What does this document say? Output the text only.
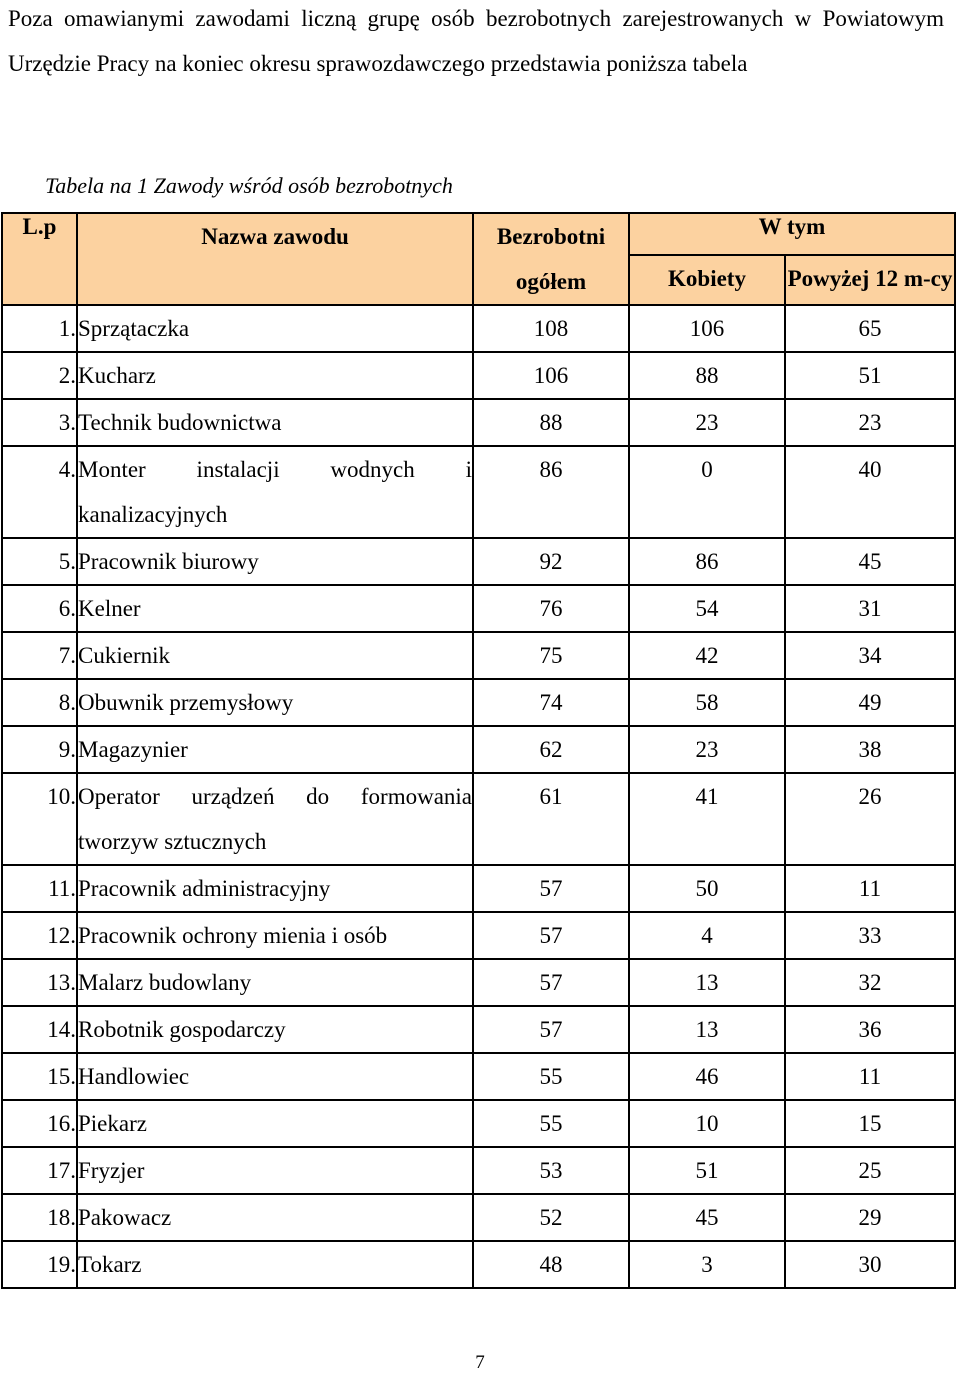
Poza omawianymi zawodami liczną grupę osób bezrobotnych zarejestrowanych w Powiatowym Urzędzie Pracy na koniec okresu sprawozdawczego przedstawia poniższa tabela
Tabela na 1 Zawody wśród osób bezrobotnych
L.p	Nazwa zawodu	Bezrobotni ogółem	W tym	
			Kobiety	Powyżej 12 m-cy
1.	Sprzątaczka	108	106	65
2.	Kucharz	106	88	51
3.	Technik budownictwa	88	23	23
4.	Monter instalacji wodnych i kanalizacyjnych	86	0	40
5.	Pracownik biurowy	92	86	45
6.	Kelner	76	54	31
7.	Cukiernik	75	42	34
8.	Obuwnik przemysłowy	74	58	49
9.	Magazynier	62	23	38
10.	Operator urządzeń do formowania tworzyw sztucznych	61	41	26
11.	Pracownik administracyjny	57	50	11
12.	Pracownik ochrony mienia i osób	57	4	33
13.	Malarz budowlany	57	13	32
14.	Robotnik gospodarczy	57	13	36
15.	Handlowiec	55	46	11
16.	Piekarz	55	10	15
17.	Fryzjer	53	51	25
18.	Pakowacz	52	45	29
19.	Tokarz	48	3	30
7
